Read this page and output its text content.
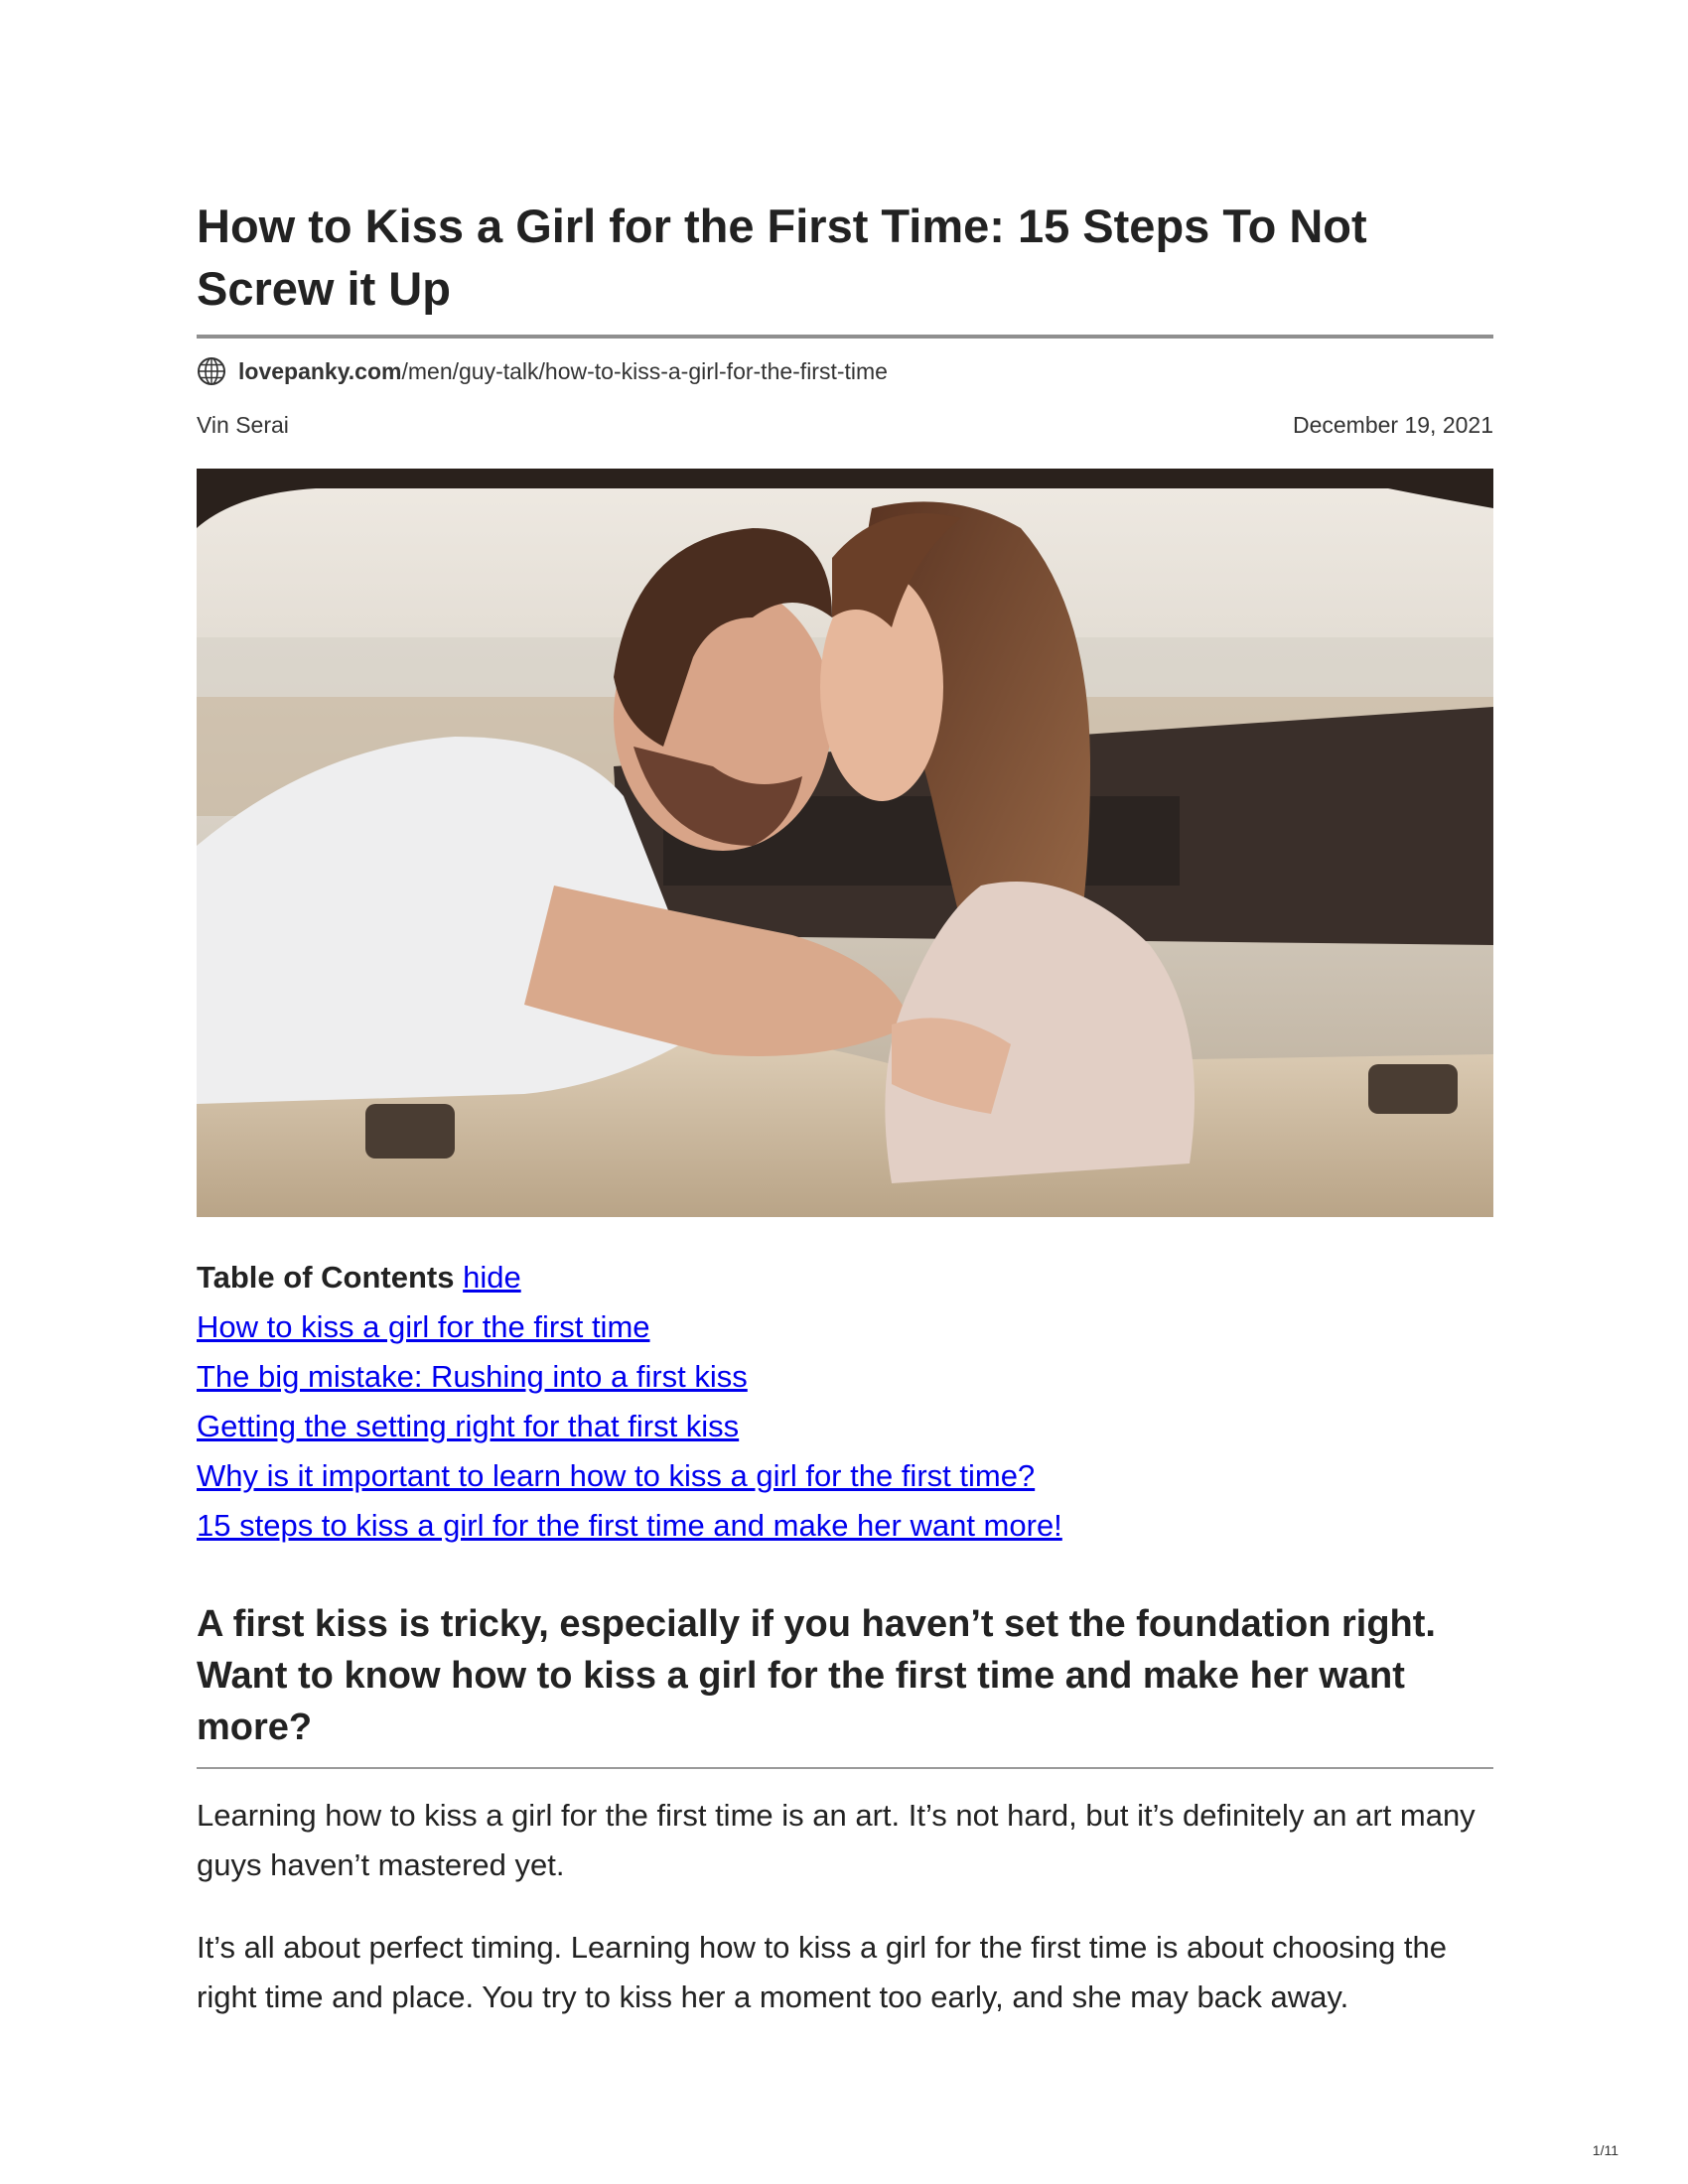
How to Kiss a Girl for the First Time: 15 Steps To Not Screw it Up
lovepanky.com /men/guy-talk/how-to-kiss-a-girl-for-the-first-time
Vin Serai	December 19, 2021
Table of Contents hide
How to kiss a girl for the first time
The big mistake: Rushing into a first kiss
Getting the setting right for that first kiss
Why is it important to learn how to kiss a girl for the first time?
15 steps to kiss a girl for the first time and make her want more!
A first kiss is tricky, especially if you haven’t set the foundation right. Want to know how to kiss a girl for the first time and make her want more?

Learning how to kiss a girl for the first time is an art. It’s not hard, but it’s definitely an art many guys haven’t mastered yet.

It’s all about perfect timing. Learning how to kiss a girl for the first time is about choosing the right time and place. You try to kiss her a moment too early, and she may back away.

1/11
